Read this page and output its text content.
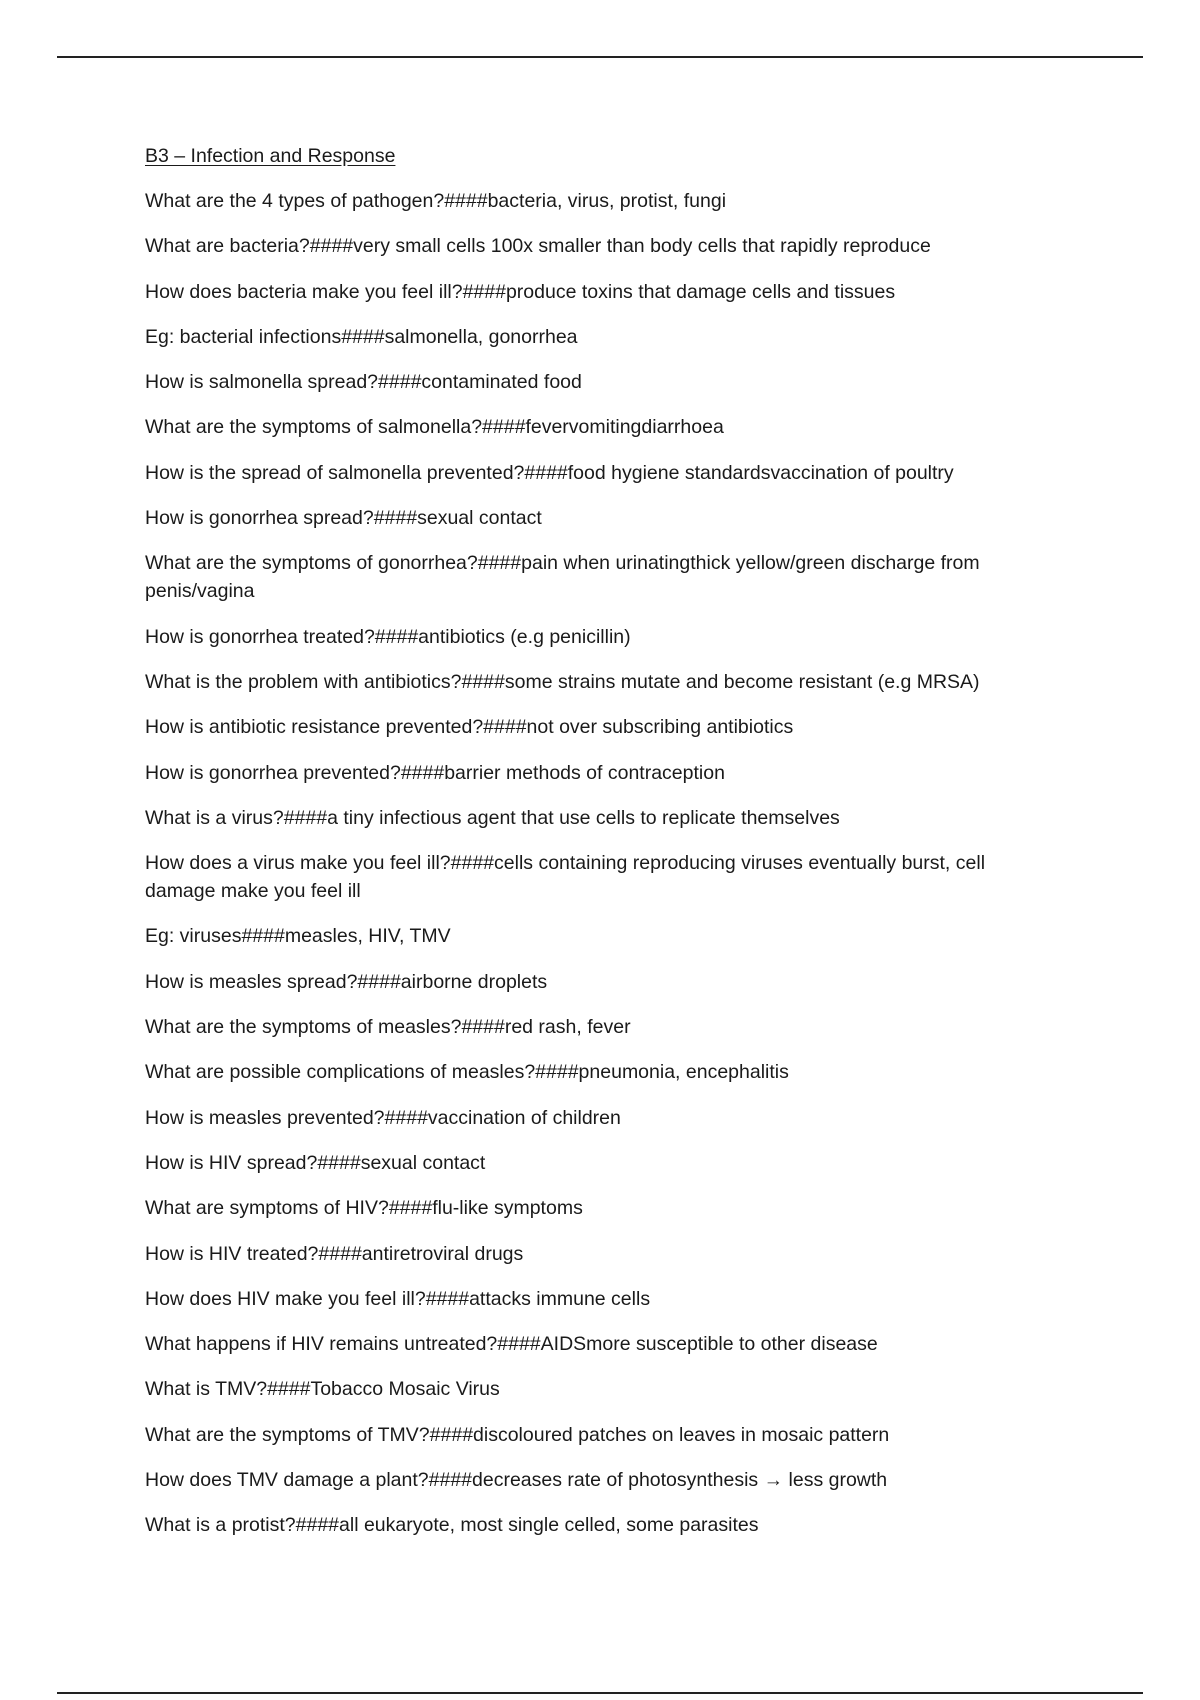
B3 – Infection and Response
What are the 4 types of pathogen?####bacteria, virus, protist, fungi
What are bacteria?####very small cells 100x smaller than body cells that rapidly reproduce
How does bacteria make you feel ill?####produce toxins that damage cells and tissues
Eg: bacterial infections####salmonella, gonorrhea
How is salmonella spread?####contaminated food
What are the symptoms of salmonella?####fevervomitingdiarrhoea
How is the spread of salmonella prevented?####food hygiene standardsvaccination of poultry
How is gonorrhea spread?####sexual contact
What are the symptoms of gonorrhea?####pain when urinatingthick yellow/green discharge from penis/vagina
How is gonorrhea treated?####antibiotics (e.g penicillin)
What is the problem with antibiotics?####some strains mutate and become resistant (e.g MRSA)
How is antibiotic resistance prevented?####not over subscribing antibiotics
How is gonorrhea prevented?####barrier methods of contraception
What is a virus?####a tiny infectious agent that use cells to replicate themselves
How does a virus make you feel ill?####cells containing reproducing viruses eventually burst, cell damage make you feel ill
Eg: viruses####measles, HIV, TMV
How is measles spread?####airborne droplets
What are the symptoms of measles?####red rash, fever
What are possible complications of measles?####pneumonia, encephalitis
How is measles prevented?####vaccination of children
How is HIV spread?####sexual contact
What are symptoms of HIV?####flu-like symptoms
How is HIV treated?####antiretroviral drugs
How does HIV make you feel ill?####attacks immune cells
What happens if HIV remains untreated?####AIDSmore susceptible to other disease
What is TMV?####Tobacco Mosaic Virus
What are the symptoms of TMV?####discoloured patches on leaves in mosaic pattern
How does TMV damage a plant?####decreases rate of photosynthesis → less growth
What is a protist?####all eukaryote, most single celled, some parasites
